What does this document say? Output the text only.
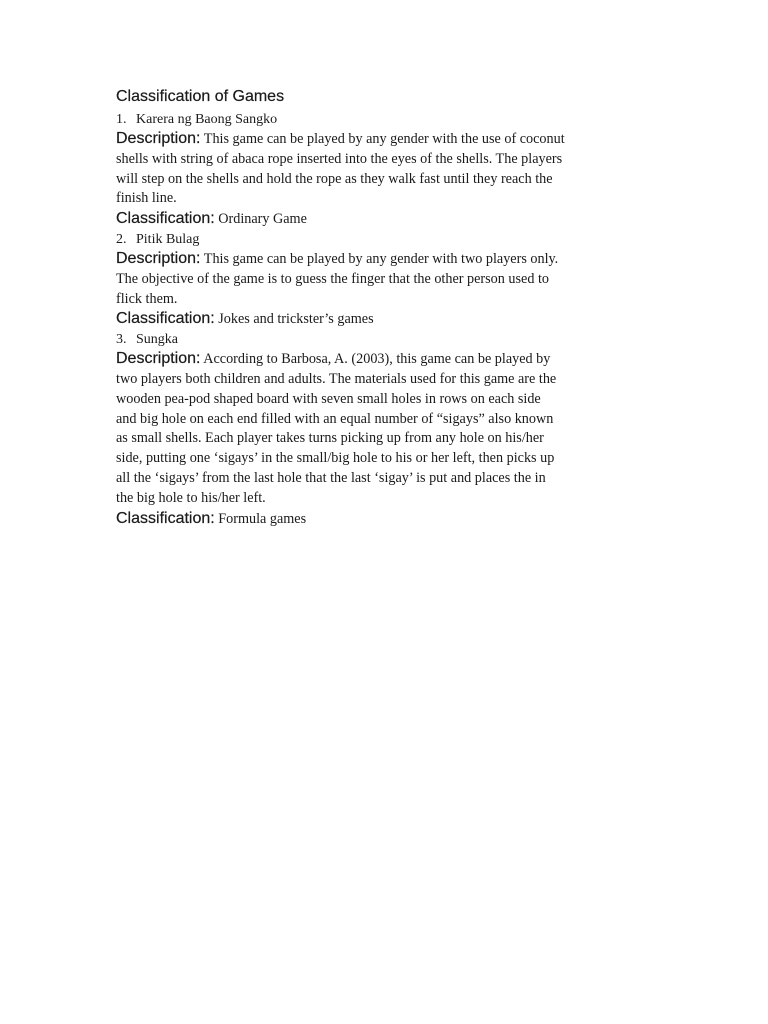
Classification of Games
1. Karera ng Baong Sangko
Description: This game can be played by any gender with the use of coconut
shells with string of abaca rope inserted into the eyes of the shells. The players
will step on the shells and hold the rope as they walk fast until they reach the
finish line.
Classification: Ordinary Game
2. Pitik Bulag
Description: This game can be played by any gender with two players only.
The objective of the game is to guess the finger that the other person used to
flick them.
Classification: Jokes and trickster’s games
3. Sungka
Description: According to Barbosa, A. (2003), this game can be played by
two players both children and adults. The materials used for this game are the
wooden pea-pod shaped board with seven small holes in rows on each side
and big hole on each end filled with an equal number of “sigays” also known
as small shells. Each player takes turns picking up from any hole on his/her
side, putting one ‘sigays’ in the small/big hole to his or her left, then picks up
all the ‘sigays’ from the last hole that the last ‘sigay’ is put and places the in
the big hole to his/her left.
Classification: Formula games
